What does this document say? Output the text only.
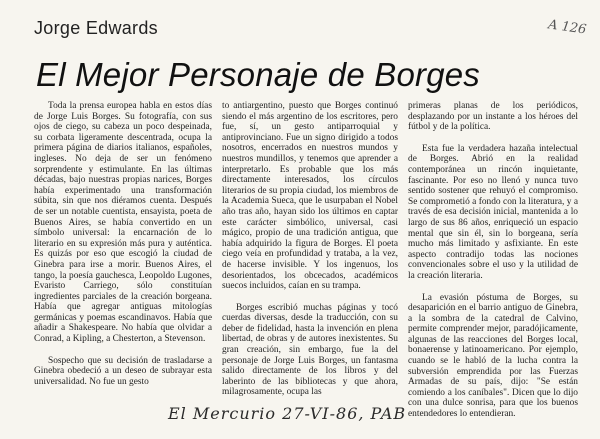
Jorge Edwards
El Mejor Personaje de Borges
A 126

Toda la prensa europea habla en estos días de Jorge Luis Borges. Su fotografía, con sus ojos de ciego, su cabeza un poco despeinada, su corbata ligeramente descentrada, ocupa la primera página de diarios italianos, españoles, ingleses. No deja de ser un fenómeno sorprendente y estimulante. En las últimas décadas, bajo nuestras propias narices, Borges había experimentado una transformación súbita, sin que nos diéramos cuenta. Después de ser un notable cuentista, ensayista, poeta de Buenos Aires, se había convertido en un símbolo universal: la encarnación de lo literario en su expresión más pura y auténtica. Es quizás por eso que escogió la ciudad de Ginebra para irse a morir. Buenos Aires, el tango, la poesía gauchesca, Leopoldo Lugones, Evaristo Carriego, sólo constituían ingredientes parciales de la creación borgeana. Había que agregar antiguas mitologías germánicas y poemas escandinavos. Había que añadir a Shakespeare. No había que olvidar a Conrad, a Kipling, a Chesterton, a Stevenson.

Sospecho que su decisión de trasladarse a Ginebra obedeció a un deseo de subrayar esta universalidad. No fue un gesto

to antiargentino, puesto que Borges continuó siendo el más argentino de los escritores, pero fue, sí, un gesto antiparroquial y antiprovinciano. Fue un signo dirigido a todos nosotros, encerrados en nuestros mundos y nuestros mundillos, y tenemos que aprender a interpretarlo. Es probable que los más directamente interesados, los círculos literarios de su propia ciudad, los miembros de la Academia Sueca, que le usurpaban el Nobel año tras año, hayan sido los últimos en captar este carácter simbólico, universal, casi mágico, propio de una tradición antigua, que había adquirido la figura de Borges. El poeta ciego veía en profundidad y trataba, a la vez, de hacerse invisible. Y los ingenuos, los desorientados, los obcecados, académicos suecos incluidos, caían en su trampa.

Borges escribió muchas páginas y tocó cuerdas diversas, desde la traducción, con su deber de fidelidad, hasta la invención en plena libertad, de obras y de autores inexistentes. Su gran creación, sin embargo, fue la del personaje de Jorge Luis Borges, un fantasma salido directamente de los libros y del laberinto de las bibliotecas y que ahora, milagrosamente, ocupa las

primeras planas de los periódicos, desplazando por un instante a los héroes del fútbol y de la política.

Esta fue la verdadera hazaña intelectual de Borges. Abrió en la realidad contemporánea un rincón inquietante, fascinante. Por eso no llenó y nunca tuvo sentido sostener que rehuyó el compromiso. Se comprometió a fondo con la literatura, y a través de esa decisión inicial, mantenida a lo largo de sus 86 años, enriqueció un espacio mental que sin él, sin lo borgeana, sería mucho más limitado y asfixiante. En este aspecto contradijo todas las nociones convencionales sobre el uso y la utilidad de la creación literaria.

La evasión póstuma de Borges, su desaparición en el barrio antiguo de Ginebra, a la sombra de la catedral de Calvino, permite comprender mejor, paradójicamente, algunas de las reacciones del Borges local, bonaerense y latinoamericano. Por ejemplo, cuando se le habló de la lucha contra la subversión emprendida por las Fuerzas Armadas de su país, dijo: "Se están comiendo a los caníbales". Dicen que lo dijo con una dulce sonrisa, para que los buenos entendedores lo entendieran.

El Mercurio 27-VI-86, PAB
